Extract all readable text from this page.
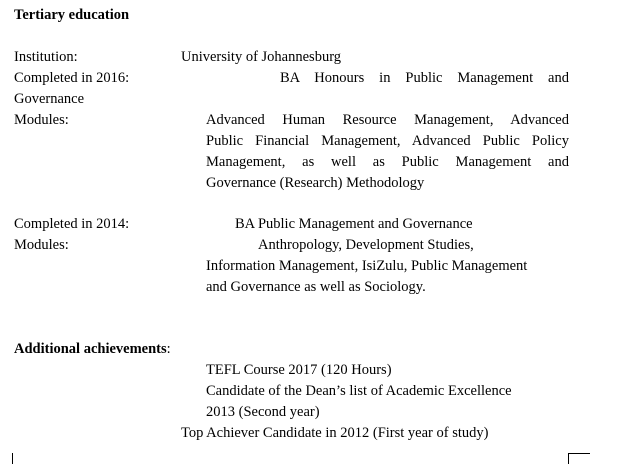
Tertiary education
Institution:	University of Johannesburg
Completed in 2016:	BA Honours in Public Management and
Governance
Modules:	Advanced Human Resource Management, Advanced
Public Financial Management, Advanced Public Policy
Management, as well as Public Management and
Governance (Research) Methodology
Completed in 2014:	BA Public Management and Governance
Modules:	Anthropology, Development Studies,
Information Management, IsiZulu, Public Management
and Governance as well as Sociology.
Additional achievements:
TEFL Course 2017 (120 Hours)
Candidate of the Dean’s list of Academic Excellence
2013 (Second year)
Top Achiever Candidate in 2012 (First year of study)
